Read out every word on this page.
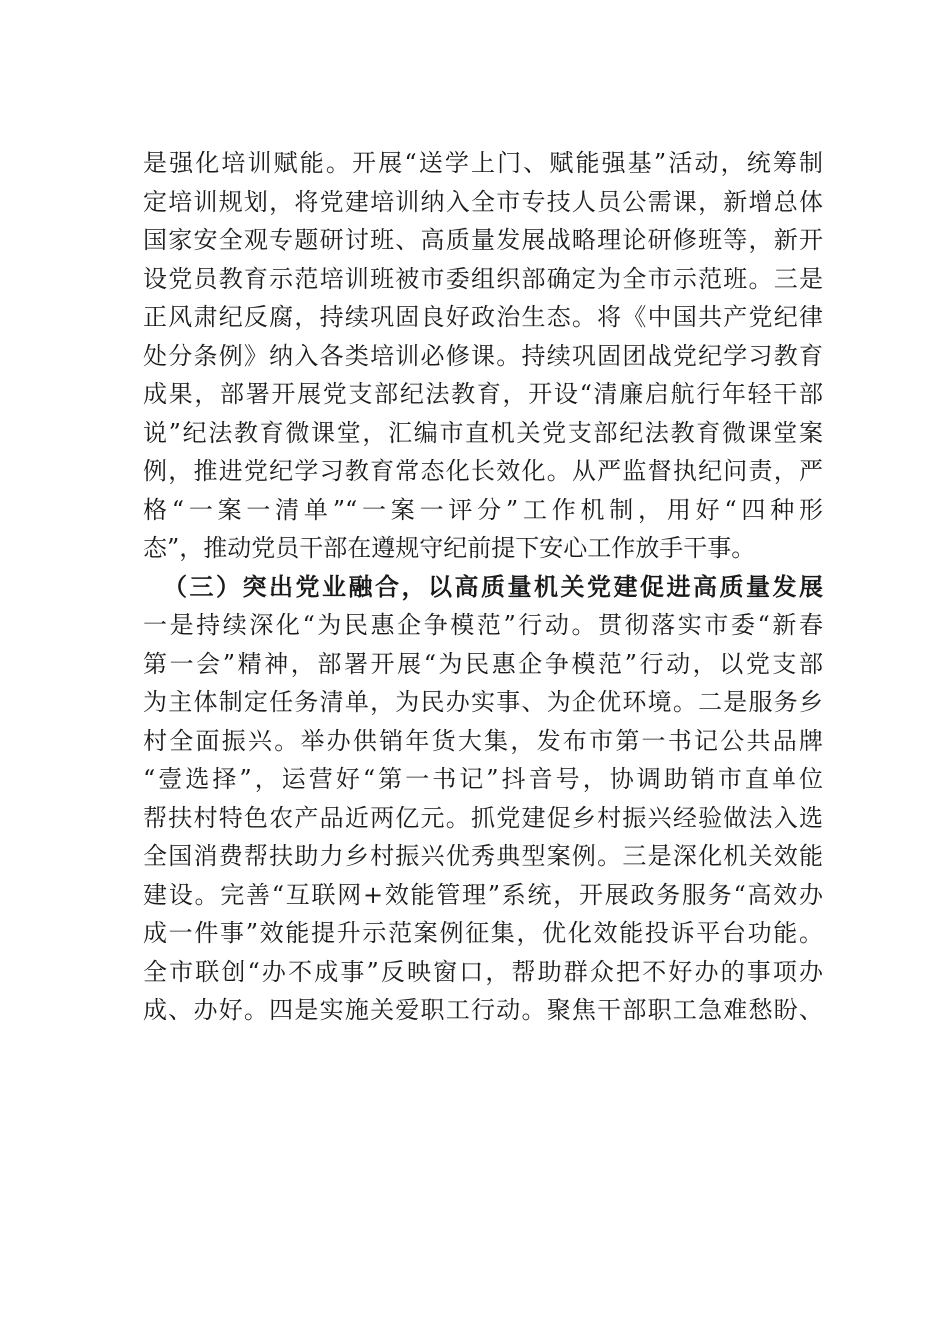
是强化培训赋能。开展“送学上门、赋能强基”活动，统筹制
定培训规划，将党建培训纳入全市专技人员公需课，新增总体
国家安全观专题研讨班、高质量发展战略理论研修班等，新开
设党员教育示范培训班被市委组织部确定为全市示范班。三是
正风肃纪反腐，持续巩固良好政治生态。将《中国共产党纪律
处分条例》纳入各类培训必修课。持续巩固团战党纪学习教育
成果，部署开展党支部纪法教育，开设“清廉启航行年轻干部
说”纪法教育微课堂，汇编市直机关党支部纪法教育微课堂案
例，推进党纪学习教育常态化长效化。从严监督执纪问责，严
格“一案一清单”“一案一评分”工作机制，用好“四种形
态”，推动党员干部在遵规守纪前提下安心工作放手干事。
（三）突出党业融合，以高质量机关党建促进高质量发展
一是持续深化“为民惠企争模范”行动。贯彻落实市委“新春
第一会”精神，部署开展“为民惠企争模范”行动，以党支部
为主体制定任务清单，为民办实事、为企优环境。二是服务乡
村全面振兴。举办供销年货大集，发布市第一书记公共品牌
“壹选择”，运营好“第一书记”抖音号，协调助销市直单位
帮扶村特色农产品近两亿元。抓党建促乡村振兴经验做法入选
全国消费帮扶助力乡村振兴优秀典型案例。三是深化机关效能
建设。完善“互联网+效能管理”系统，开展政务服务“高效办
成一件事”效能提升示范案例征集，优化效能投诉平台功能。
全市联创“办不成事”反映窗口，帮助群众把不好办的事项办
成、办好。四是实施关爱职工行动。聚焦干部职工急难愁盼、
